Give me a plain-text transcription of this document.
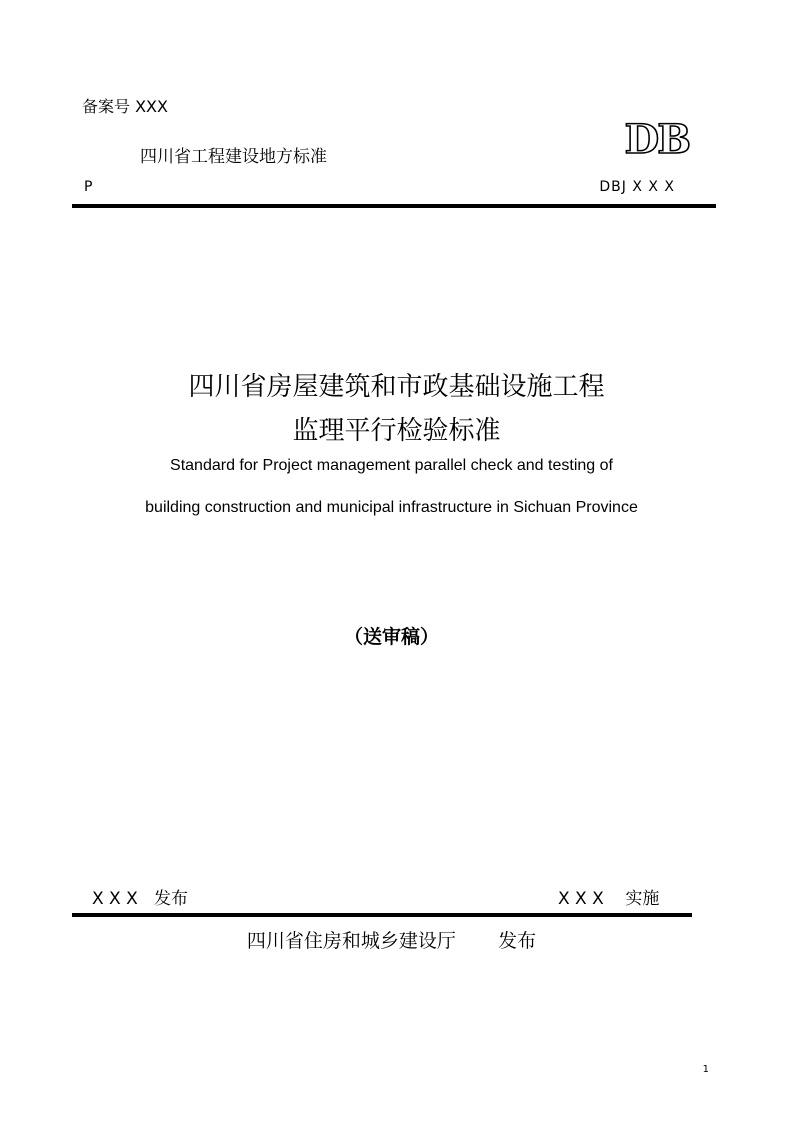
备案号 XXX
四川省工程建设地方标准	DB
P	DBJ X X X
四川省房屋建筑和市政基础设施工程
监理平行检验标准
Standard for Project management parallel check and testing of
building construction and municipal infrastructure in Sichuan Province
（送审稿）
X X X   发布	X X X    实施
四川省住房和城乡建设厅       发布
1
